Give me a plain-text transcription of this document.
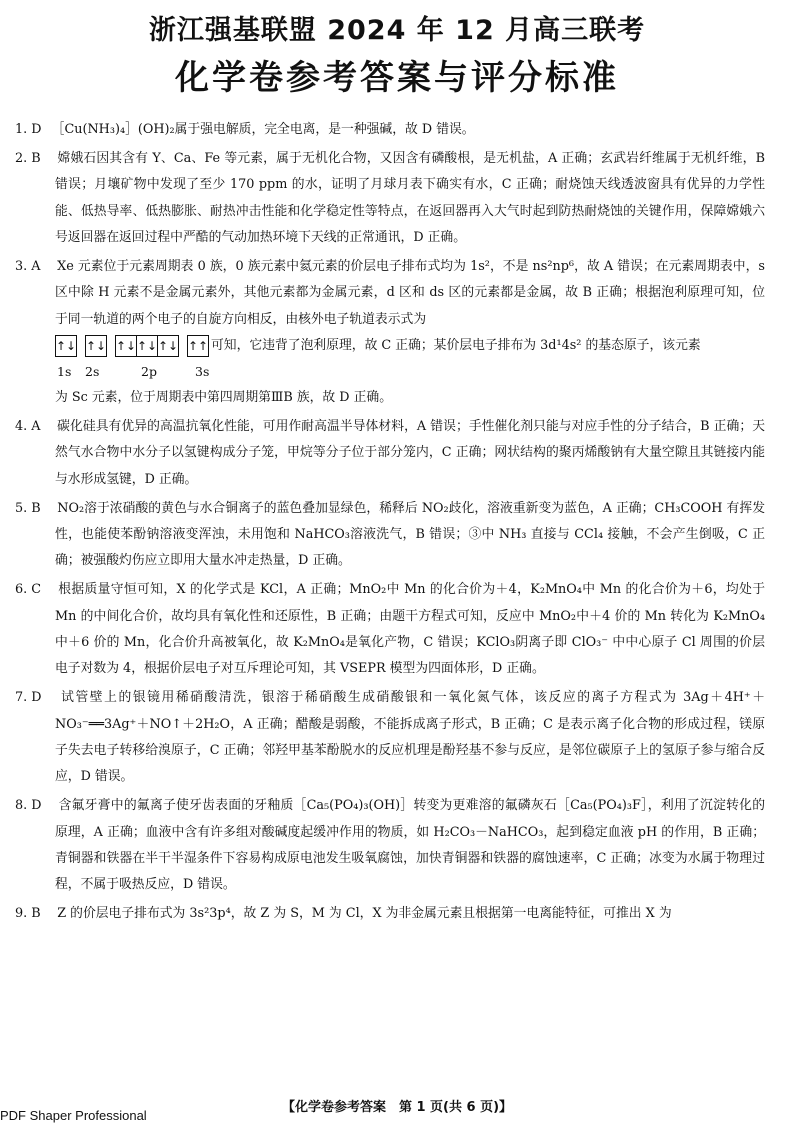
浙江强基联盟 2024 年 12 月高三联考
化学卷参考答案与评分标准

1. D　 ［Cu(NH₃)₄］(OH)₂属于强电解质，完全电离，是一种强碱，故 D 错误。

2. B　 嫦娥石因其含有 Y、Ca、Fe 等元素，属于无机化合物，又因含有磷酸根，是无机盐，A 正确；玄武岩纤维属于无机纤维，B 错误；月壤矿物中发现了至少 170 ppm 的水，证明了月球月表下确实有水，C 正确；耐烧蚀天线透波窗具有优异的力学性能、低热导率、低热膨胀、耐热冲击性能和化学稳定性等特点，在返回器再入大气时起到防热耐烧蚀的关键作用，保障嫦娥六号返回器在返回过程中严酷的气动加热环境下天线的正常通讯，D 正确。

3. A　 Xe 元素位于元素周期表 0 族，0 族元素中氦元素的价层电子排布式均为 1s²，不是 ns²np⁶，故 A 错误；在元素周期表中，s 区中除 H 元素不是金属元素外，其他元素都为金属元素，d 区和 ds 区的元素都是金属，故 B 正确；根据泡利原理可知，位于同一轨道的两个电子的自旋方向相反，由核外电子轨道表示式为

↑↓ ↑↓ ↑↓ ↑↓ ↑↓ ↑↑ 可知，它违背了泡利原理，故 C 正确；某价层电子排布为 3d¹4s² 的基态原子，该元素
1s 2s	2p	3s

为 Sc 元素，位于周期表中第四周期第ⅢB 族，故 D 正确。

4. A　 碳化硅具有优异的高温抗氧化性能，可用作耐高温半导体材料，A 错误；手性催化剂只能与对应手性的分子结合，B 正确；天然气水合物中水分子以氢键构成分子笼，甲烷等分子位于部分笼内，C 正确；网状结构的聚丙烯酸钠有大量空隙且其链接内能与水形成氢键，D 正确。

5. B　 NO₂溶于浓硝酸的黄色与水合铜离子的蓝色叠加显绿色，稀释后 NO₂歧化，溶液重新变为蓝色，A 正确；CH₃COOH 有挥发性，也能使苯酚钠溶液变浑浊，未用饱和 NaHCO₃溶液洗气，B 错误；③中 NH₃ 直接与 CCl₄ 接触，不会产生倒吸，C 正确；被强酸灼伤应立即用大量水冲走热量，D 正确。

6. C　 根据质量守恒可知，X 的化学式是 KCl，A 正确；MnO₂中 Mn 的化合价为＋4，K₂MnO₄中 Mn 的化合价为＋6，均处于 Mn 的中间化合价，故均具有氧化性和还原性，B 正确；由题干方程式可知，反应中 MnO₂中＋4 价的 Mn 转化为 K₂MnO₄中＋6 价的 Mn，化合价升高被氧化，故 K₂MnO₄是氧化产物，C 错误；KClO₃阴离子即 ClO₃⁻ 中中心原子 Cl 周围的价层电子对数为 4，根据价层电子对互斥理论可知，其 VSEPR 模型为四面体形，D 正确。

7. D　 试管壁上的银镜用稀硝酸清洗，银溶于稀硝酸生成硝酸银和一氧化氮气体，该反应的离子方程式为 3Ag＋4H⁺＋NO₃⁻══3Ag⁺＋NO↑＋2H₂O，A 正确；醋酸是弱酸，不能拆成离子形式，B 正确；C 是表示离子化合物的形成过程，镁原子失去电子转移给溴原子，C 正确；邻羟甲基苯酚脱水的反应机理是酚羟基不参与反应，是邻位碳原子上的氢原子参与缩合反应，D 错误。

8. D　 含氟牙膏中的氟离子使牙齿表面的牙釉质［Ca₅(PO₄)₃(OH)］转变为更难溶的氟磷灰石［Ca₅(PO₄)₃F］，利用了沉淀转化的原理，A 正确；血液中含有许多组对酸碱度起缓冲作用的物质，如 H₂CO₃－NaHCO₃，起到稳定血液 pH 的作用，B 正确；青铜器和铁器在半干半湿条件下容易构成原电池发生吸氧腐蚀，加快青铜器和铁器的腐蚀速率，C 正确；冰变为水属于物理过程，不属于吸热反应，D 错误。

9. B　 Z 的价层电子排布式为 3s²3p⁴，故 Z 为 S，M 为 Cl，X 为非金属元素且根据第一电离能特征，可推出 X 为

【化学卷参考答案　第 1 页(共 6 页)】
PDF Shaper Professional
